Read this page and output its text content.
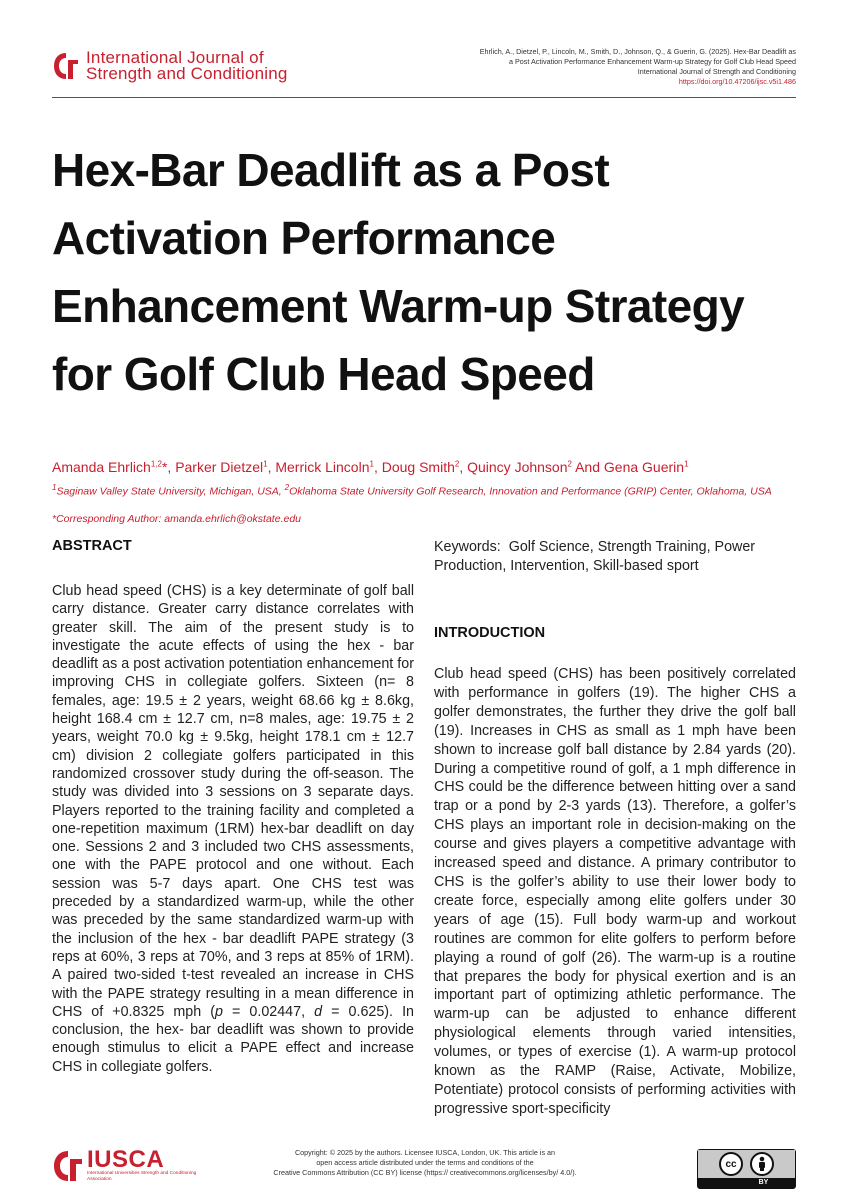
International Journal of
Strength and Conditioning
Ehrlich, A., Dietzel, P., Lincoln, M., Smith, D., Johnson, Q., & Guerin, G. (2025). Hex-Bar Deadlift as
a Post Activation Performance Enhancement Warm-up Strategy for Golf Club Head Speed
International Journal of Strength and Conditioning
https://doi.org/10.47206/ijsc.v5i1.486
Hex-Bar Deadlift as a Post Activation Performance Enhancement Warm-up Strategy for Golf Club Head Speed
Amanda Ehrlich$^{1,2}$*, Parker Dietzel$^1$, Merrick Lincoln$^1$, Doug Smith$^2$, Quincy Johnson$^2$ And Gena Guerin$^1$
$^1$Saginaw Valley State University, Michigan, USA, $^2$Oklahoma State University Golf Research, Innovation and Performance (GRIP) Center, Oklahoma, USA
*Corresponding Author: amanda.ehrlich@okstate.edu
ABSTRACT
Club head speed (CHS) is a key determinate of golf ball carry distance. Greater carry distance correlates with greater skill. The aim of the present study is to investigate the acute effects of using the hex - bar deadlift as a post activation potentiation enhancement for improving CHS in collegiate golfers. Sixteen (n= 8 females, age: 19.5 ± 2 years, weight 68.66 kg ± 8.6kg, height 168.4 cm ± 12.7 cm, n=8 males, age: 19.75 ± 2 years, weight 70.0 kg ± 9.5kg, height 178.1 cm ± 12.7 cm) division 2 collegiate golfers participated in this randomized crossover study during the off-season. The study was divided into 3 sessions on 3 separate days. Players reported to the training facility and completed a one-repetition maximum (1RM) hex-bar deadlift on day one. Sessions 2 and 3 included two CHS assessments, one with the PAPE protocol and one without. Each session was 5-7 days apart. One CHS test was preceded by a standardized warm-up, while the other was preceded by the same standardized warm-up with the inclusion of the hex - bar deadlift PAPE strategy (3 reps at 60%, 3 reps at 70%, and 3 reps at 85% of 1RM). A paired two-sided t-test revealed an increase in CHS with the PAPE strategy resulting in a mean difference in CHS of +0.8325 mph (p = 0.02447, d = 0.625). In conclusion, the hex- bar deadlift was shown to provide enough stimulus to elicit a PAPE effect and increase CHS in collegiate golfers.

Keywords: Golf Science, Strength Training, Power Production, Intervention, Skill-based sport

INTRODUCTION
Club head speed (CHS) has been positively correlated with performance in golfers (19). The higher CHS a golfer demonstrates, the further they drive the golf ball (19). Increases in CHS as small as 1 mph have been shown to increase golf ball distance by 2.84 yards (20). During a competitive round of golf, a 1 mph difference in CHS could be the difference between hitting over a sand trap or a pond by 2-3 yards (13). Therefore, a golfer’s CHS plays an important role in decision-making on the course and gives players a competitive advantage with increased speed and distance. A primary contributor to CHS is the golfer’s ability to use their lower body to create force, especially among elite golfers under 30 years of age (15). Full body warm-up and workout routines are common for elite golfers to perform before playing a round of golf (26). The warm-up is a routine that prepares the body for physical exertion and is an important part of optimizing athletic performance. The warm-up can be adjusted to enhance different physiological elements through varied intensities, volumes, or types of exercise (1). A warm-up protocol known as the RAMP (Raise, Activate, Mobilize, Potentiate) protocol consists of performing activities with progressive sport-specificity
IUSCA
International Universities Strength and Conditioning Association
Copyright: © 2025 by the authors. Licensee IUSCA, London, UK. This article is an
open access article distributed under the terms and conditions of the
Creative Commons Attribution (CC BY) license (https:// creativecommons.org/licenses/by/ 4.0/).
cc
BY
